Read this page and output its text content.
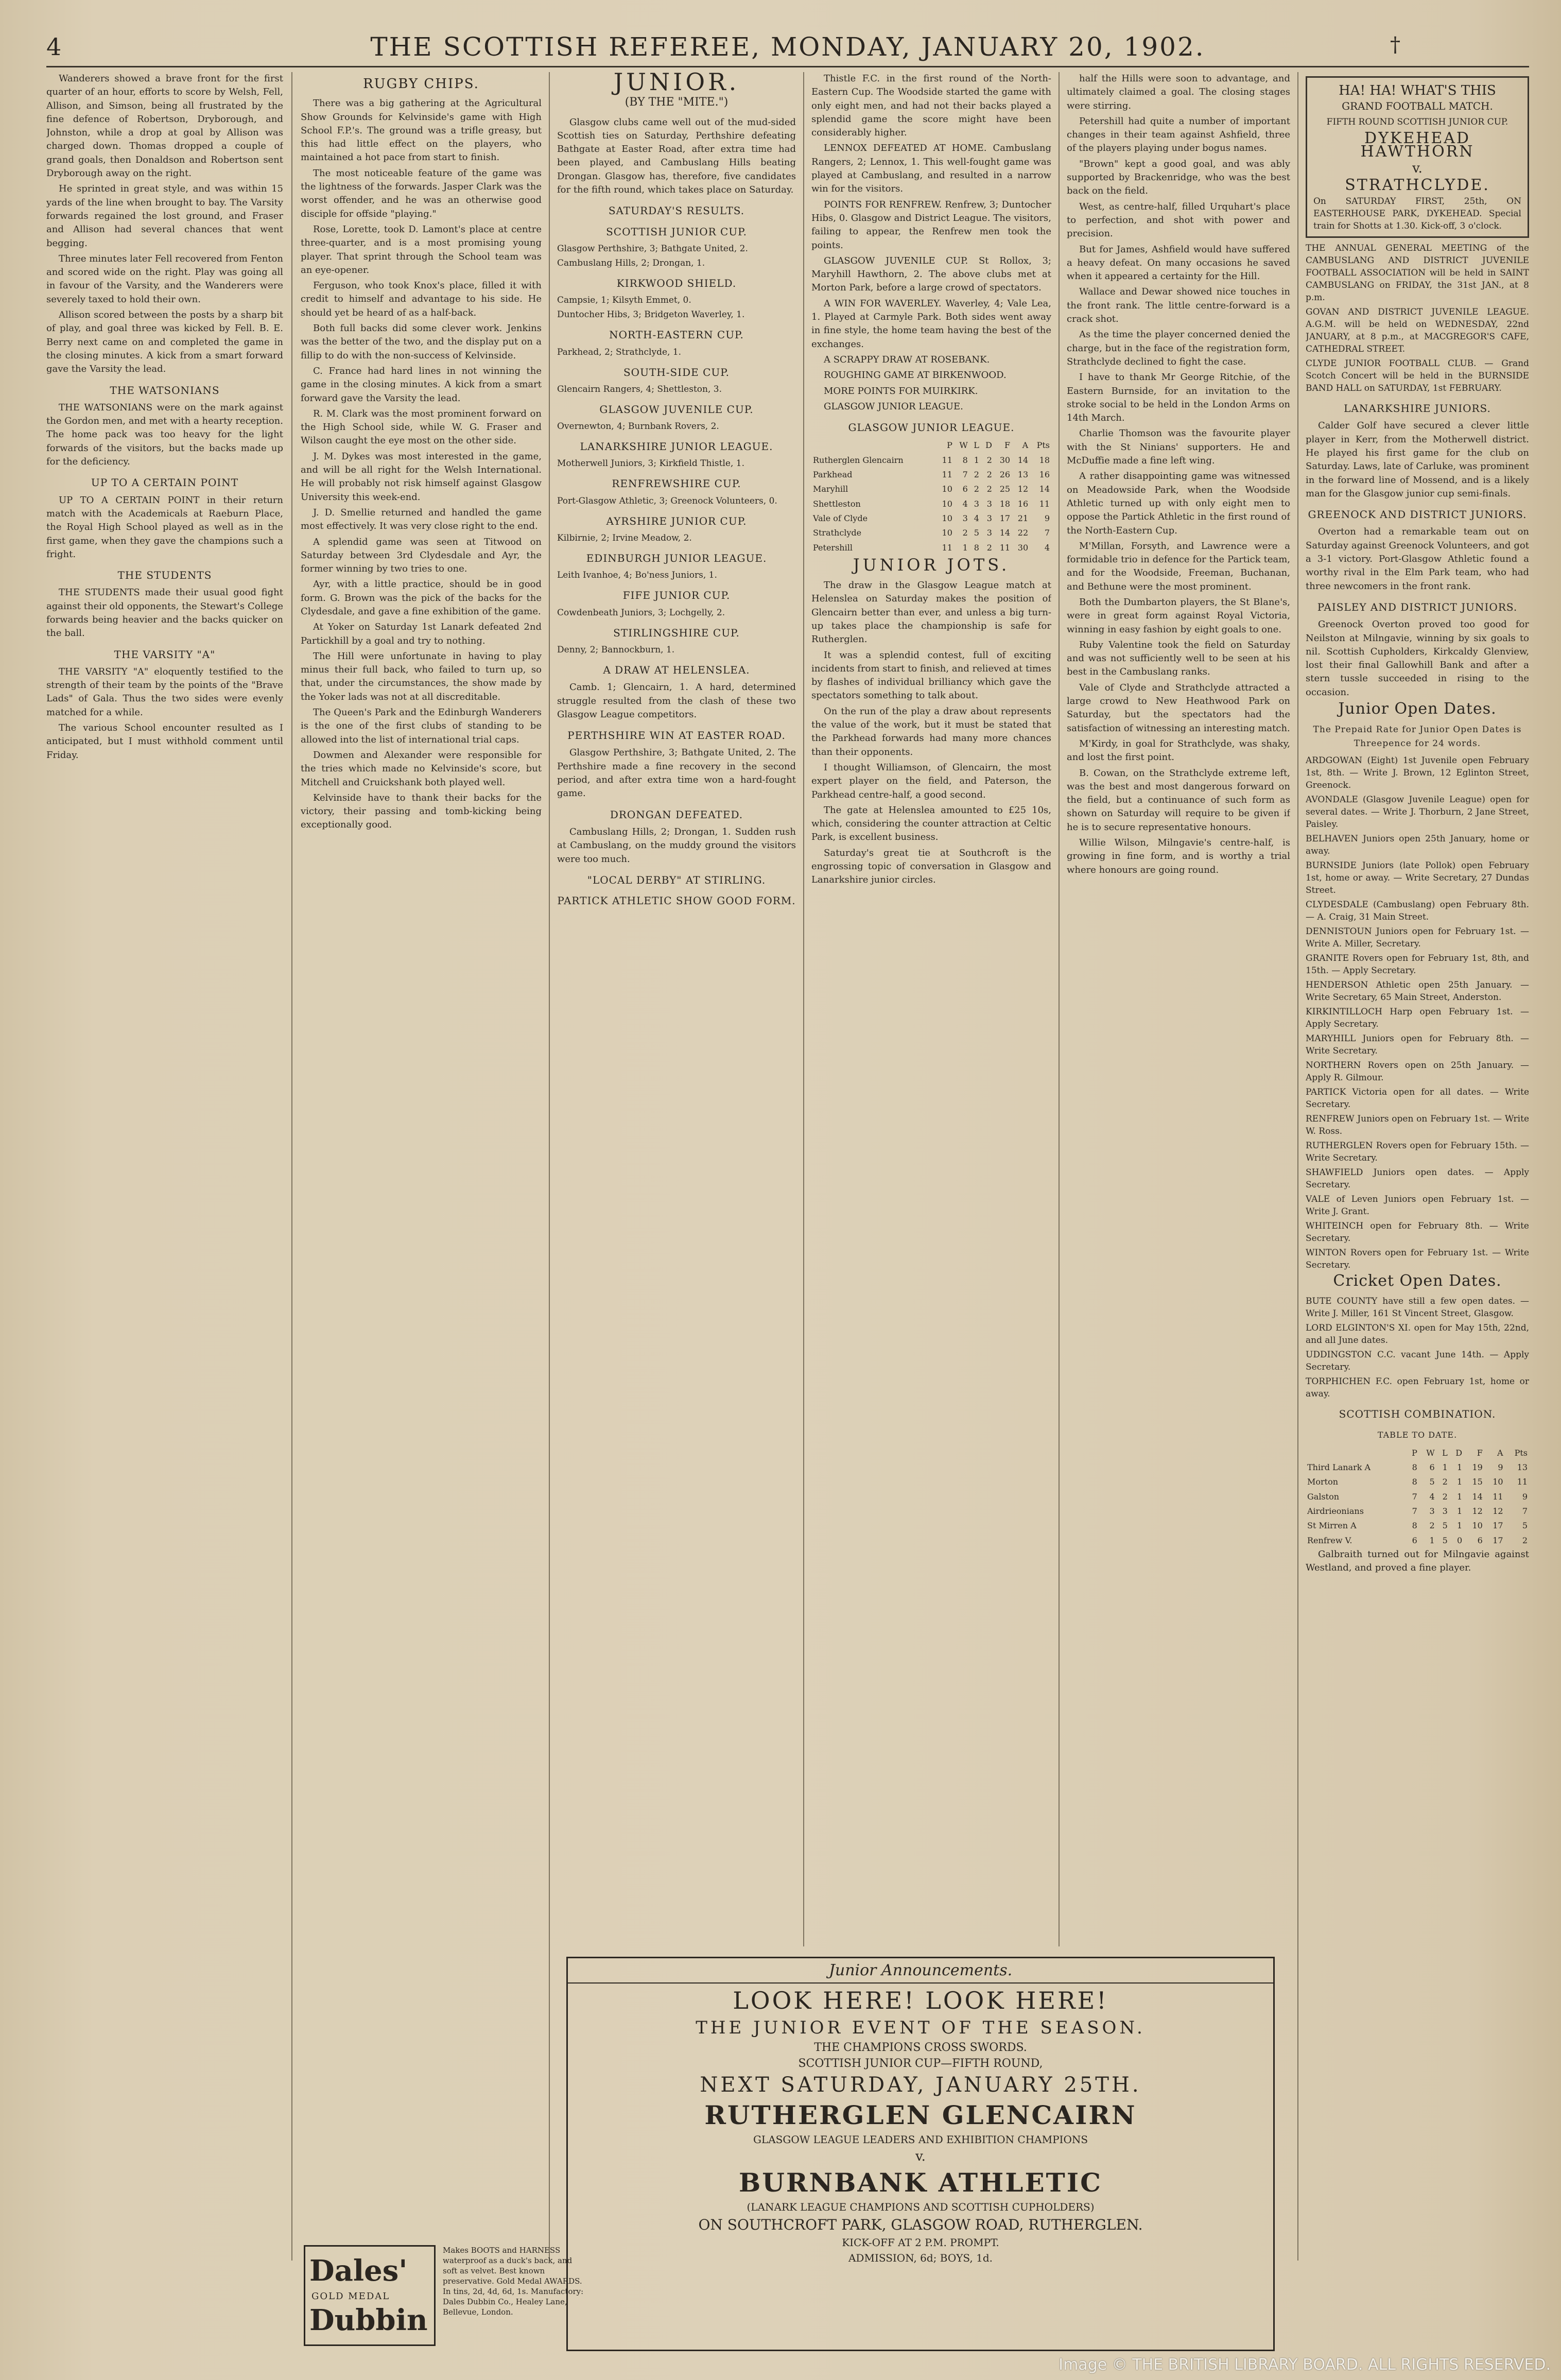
4	THE SCOTTISH REFEREE, MONDAY, JANUARY 20, 1902.	†

Wanderers showed a brave front for the first quarter of an hour, efforts to score by Welsh, Fell, Allison, and Simson, being all frustrated by the fine defence of Robertson, Dryborough, and Johnston, while a drop at goal by Allison was charged down. Thomas dropped a couple of grand goals, then Donaldson and Robertson sent Dryborough away on the right.

He sprinted in great style, and was within 15 yards of the line when brought to bay. The Varsity forwards regained the lost ground, and Fraser and Allison had several chances that went begging.

Three minutes later Fell recovered from Fenton and scored wide on the right. Play was going all in favour of the Varsity, and the Wanderers were severely taxed to hold their own.

Allison scored between the posts by a sharp bit of play, and goal three was kicked by Fell. B. E. Berry next came on and completed the game in the closing minutes. A kick from a smart forward gave the Varsity the lead.

THE WATSONIANS

THE WATSONIANS were on the mark against the Gordon men, and met with a hearty reception. The home pack was too heavy for the light forwards of the visitors, but the backs made up for the deficiency.

UP TO A CERTAIN POINT

UP TO A CERTAIN POINT in their return match with the Academicals at Raeburn Place, the Royal High School played as well as in the first game, when they gave the champions such a fright.

THE STUDENTS

THE STUDENTS made their usual good fight against their old opponents, the Stewart's College forwards being heavier and the backs quicker on the ball.

THE VARSITY "A"

THE VARSITY "A" eloquently testified to the strength of their team by the points of the "Brave Lads" of Gala. Thus the two sides were evenly matched for a while.

The various School encounter resulted as I anticipated, but I must withhold comment until Friday.

RUGBY CHIPS.

There was a big gathering at the Agricultural Show Grounds for Kelvinside's game with High School F.P.'s. The ground was a trifle greasy, but this had little effect on the players, who maintained a hot pace from start to finish.

The most noticeable feature of the game was the lightness of the forwards. Jasper Clark was the worst offender, and he was an otherwise good disciple for offside "playing."

Rose, Lorette, took D. Lamont's place at centre three-quarter, and is a most promising young player. That sprint through the School team was an eye-opener.

Ferguson, who took Knox's place, filled it with credit to himself and advantage to his side. He should yet be heard of as a half-back.

Both full backs did some clever work. Jenkins was the better of the two, and the display put on a fillip to do with the non-success of Kelvinside.

C. France had hard lines in not winning the game in the closing minutes. A kick from a smart forward gave the Varsity the lead.

R. M. Clark was the most prominent forward on the High School side, while W. G. Fraser and Wilson caught the eye most on the other side.

J. M. Dykes was most interested in the game, and will be all right for the Welsh International. He will probably not risk himself against Glasgow University this week-end.

J. D. Smellie returned and handled the game most effectively. It was very close right to the end.

A splendid game was seen at Titwood on Saturday between 3rd Clydesdale and Ayr, the former winning by two tries to one.

Ayr, with a little practice, should be in good form. G. Brown was the pick of the backs for the Clydesdale, and gave a fine exhibition of the game.

At Yoker on Saturday 1st Lanark defeated 2nd Partickhill by a goal and try to nothing.

The Hill were unfortunate in having to play minus their full back, who failed to turn up, so that, under the circumstances, the show made by the Yoker lads was not at all discreditable.

The Queen's Park and the Edinburgh Wanderers is the one of the first clubs of standing to be allowed into the list of international trial caps.

Dowmen and Alexander were responsible for the tries which made no Kelvinside's score, but Mitchell and Cruickshank both played well.

Kelvinside have to thank their backs for the victory, their passing and tomb-kicking being exceptionally good.

Dales'
GOLD MEDAL
Dubbin
Makes BOOTS and HARNESS waterproof as a duck's back, and soft as velvet. Best known preservative. Gold Medal AWARDS. In tins, 2d, 4d, 6d, 1s. Manufactory: Dales Dubbin Co., Healey Lane, Bellevue, London.
JUNIOR.
(BY THE "MITE.")

Glasgow clubs came well out of the mud-sided Scottish ties on Saturday, Perthshire defeating Bathgate at Easter Road, after extra time had been played, and Cambuslang Hills beating Drongan. Glasgow has, therefore, five candidates for the fifth round, which takes place on Saturday.

SATURDAY'S RESULTS.
SCOTTISH JUNIOR CUP.

Glasgow Perthshire, 3; Bathgate United, 2.

Cambuslang Hills, 2; Drongan, 1.

KIRKWOOD SHIELD.

Campsie, 1; Kilsyth Emmet, 0.

Duntocher Hibs, 3; Bridgeton Waverley, 1.

NORTH-EASTERN CUP.

Parkhead, 2; Strathclyde, 1.

SOUTH-SIDE CUP.

Glencairn Rangers, 4; Shettleston, 3.

GLASGOW JUVENILE CUP.

Overnewton, 4; Burnbank Rovers, 2.

LANARKSHIRE JUNIOR LEAGUE.

Motherwell Juniors, 3; Kirkfield Thistle, 1.

RENFREWSHIRE CUP.

Port-Glasgow Athletic, 3; Greenock Volunteers, 0.

AYRSHIRE JUNIOR CUP.

Kilbirnie, 2; Irvine Meadow, 2.

EDINBURGH JUNIOR LEAGUE.

Leith Ivanhoe, 4; Bo'ness Juniors, 1.

FIFE JUNIOR CUP.

Cowdenbeath Juniors, 3; Lochgelly, 2.

STIRLINGSHIRE CUP.

Denny, 2; Bannockburn, 1.

A DRAW AT HELENSLEA.

Camb. 1; Glencairn, 1. A hard, determined struggle resulted from the clash of these two Glasgow League competitors.

PERTHSHIRE WIN AT EASTER ROAD.

Glasgow Perthshire, 3; Bathgate United, 2. The Perthshire made a fine recovery in the second period, and after extra time won a hard-fought game.

DRONGAN DEFEATED.

Cambuslang Hills, 2; Drongan, 1. Sudden rush at Cambuslang, on the muddy ground the visitors were too much.

"LOCAL DERBY" AT STIRLING.
PARTICK ATHLETIC SHOW GOOD FORM.

Thistle F.C. in the first round of the North-Eastern Cup. The Woodside started the game with only eight men, and had not their backs played a splendid game the score might have been considerably higher.

LENNOX DEFEATED AT HOME. Cambuslang Rangers, 2; Lennox, 1. This well-fought game was played at Cambuslang, and resulted in a narrow win for the visitors.

POINTS FOR RENFREW. Renfrew, 3; Duntocher Hibs, 0. Glasgow and District League. The visitors, failing to appear, the Renfrew men took the points.

GLASGOW JUVENILE CUP. St Rollox, 3; Maryhill Hawthorn, 2. The above clubs met at Morton Park, before a large crowd of spectators.

A WIN FOR WAVERLEY. Waverley, 4; Vale Lea, 1. Played at Carmyle Park. Both sides went away in fine style, the home team having the best of the exchanges.

A SCRAPPY DRAW AT ROSEBANK.

ROUGHING GAME AT BIRKENWOOD.

MORE POINTS FOR MUIRKIRK.

GLASGOW JUNIOR LEAGUE.

GLASGOW JUNIOR LEAGUE.
	P	W	L	D	F	A	Pts
Rutherglen Glencairn	11	8	1	2	30	14	18
Parkhead	11	7	2	2	26	13	16
Maryhill	10	6	2	2	25	12	14
Shettleston	10	4	3	3	18	16	11
Vale of Clyde	10	3	4	3	17	21	9
Strathclyde	10	2	5	3	14	22	7
Petershill	11	1	8	2	11	30	4
JUNIOR JOTS.

The draw in the Glasgow League match at Helenslea on Saturday makes the position of Glencairn better than ever, and unless a big turn-up takes place the championship is safe for Rutherglen.

It was a splendid contest, full of exciting incidents from start to finish, and relieved at times by flashes of individual brilliancy which gave the spectators something to talk about.

On the run of the play a draw about represents the value of the work, but it must be stated that the Parkhead forwards had many more chances than their opponents.

I thought Williamson, of Glencairn, the most expert player on the field, and Paterson, the Parkhead centre-half, a good second.

The gate at Helenslea amounted to £25 10s, which, considering the counter attraction at Celtic Park, is excellent business.

Saturday's great tie at Southcroft is the engrossing topic of conversation in Glasgow and Lanarkshire junior circles.

half the Hills were soon to advantage, and ultimately claimed a goal. The closing stages were stirring.

Petershill had quite a number of important changes in their team against Ashfield, three of the players playing under bogus names.

"Brown" kept a good goal, and was ably supported by Brackenridge, who was the best back on the field.

West, as centre-half, filled Urquhart's place to perfection, and shot with power and precision.

But for James, Ashfield would have suffered a heavy defeat. On many occasions he saved when it appeared a certainty for the Hill.

Wallace and Dewar showed nice touches in the front rank. The little centre-forward is a crack shot.

As the time the player concerned denied the charge, but in the face of the registration form, Strathclyde declined to fight the case.

I have to thank Mr George Ritchie, of the Eastern Burnside, for an invitation to the stroke social to be held in the London Arms on 14th March.

Charlie Thomson was the favourite player with the St Ninians' supporters. He and McDuffie made a fine left wing.

A rather disappointing game was witnessed on Meadowside Park, when the Woodside Athletic turned up with only eight men to oppose the Partick Athletic in the first round of the North-Eastern Cup.

M'Millan, Forsyth, and Lawrence were a formidable trio in defence for the Partick team, and for the Woodside, Freeman, Buchanan, and Bethune were the most prominent.

Both the Dumbarton players, the St Blane's, were in great form against Royal Victoria, winning in easy fashion by eight goals to one.

Ruby Valentine took the field on Saturday and was not sufficiently well to be seen at his best in the Cambuslang ranks.

Vale of Clyde and Strathclyde attracted a large crowd to New Heathwood Park on Saturday, but the spectators had the satisfaction of witnessing an interesting match.

M'Kirdy, in goal for Strathclyde, was shaky, and lost the first point.

B. Cowan, on the Strathclyde extreme left, was the best and most dangerous forward on the field, but a continuance of such form as shown on Saturday will require to be given if he is to secure representative honours.

Willie Wilson, Milngavie's centre-half, is growing in fine form, and is worthy a trial where honours are going round.

HA! HA! WHAT'S THIS
GRAND FOOTBALL MATCH.
FIFTH ROUND SCOTTISH JUNIOR CUP.
DYKEHEAD HAWTHORN
v.
STRATHCLYDE.
On SATURDAY FIRST, 25th, ON EASTERHOUSE PARK, DYKEHEAD. Special train for Shotts at 1.30. Kick-off, 3 o'clock.

THE ANNUAL GENERAL MEETING of the CAMBUSLANG AND DISTRICT JUVENILE FOOTBALL ASSOCIATION will be held in SAINT CAMBUSLANG on FRIDAY, the 31st JAN., at 8 p.m.

GOVAN AND DISTRICT JUVENILE LEAGUE. A.G.M. will be held on WEDNESDAY, 22nd JANUARY, at 8 p.m., at MACGREGOR'S CAFE, CATHEDRAL STREET.

CLYDE JUNIOR FOOTBALL CLUB. — Grand Scotch Concert will be held in the BURNSIDE BAND HALL on SATURDAY, 1st FEBRUARY.

LANARKSHIRE JUNIORS.

Calder Golf have secured a clever little player in Kerr, from the Motherwell district. He played his first game for the club on Saturday. Laws, late of Carluke, was prominent in the forward line of Mossend, and is a likely man for the Glasgow junior cup semi-finals.

GREENOCK AND DISTRICT JUNIORS.

Overton had a remarkable team out on Saturday against Greenock Volunteers, and got a 3-1 victory. Port-Glasgow Athletic found a worthy rival in the Elm Park team, who had three newcomers in the front rank.

PAISLEY AND DISTRICT JUNIORS.

Greenock Overton proved too good for Neilston at Milngavie, winning by six goals to nil. Scottish Cupholders, Kirkcaldy Glenview, lost their final Gallowhill Bank and after a stern tussle succeeded in rising to the occasion.

Junior Open Dates.
The Prepaid Rate for Junior Open Dates is Threepence for 24 words.

ARDGOWAN (Eight) 1st Juvenile open February 1st, 8th. — Write J. Brown, 12 Eglinton Street, Greenock.

AVONDALE (Glasgow Juvenile League) open for several dates. — Write J. Thorburn, 2 Jane Street, Paisley.

BELHAVEN Juniors open 25th January, home or away.

BURNSIDE Juniors (late Pollok) open February 1st, home or away. — Write Secretary, 27 Dundas Street.

CLYDESDALE (Cambuslang) open February 8th. — A. Craig, 31 Main Street.

DENNISTOUN Juniors open for February 1st. — Write A. Miller, Secretary.

GRANITE Rovers open for February 1st, 8th, and 15th. — Apply Secretary.

HENDERSON Athletic open 25th January. — Write Secretary, 65 Main Street, Anderston.

KIRKINTILLOCH Harp open February 1st. — Apply Secretary.

MARYHILL Juniors open for February 8th. — Write Secretary.

NORTHERN Rovers open on 25th January. — Apply R. Gilmour.

PARTICK Victoria open for all dates. — Write Secretary.

RENFREW Juniors open on February 1st. — Write W. Ross.

RUTHERGLEN Rovers open for February 15th. — Write Secretary.

SHAWFIELD Juniors open dates. — Apply Secretary.

VALE of Leven Juniors open February 1st. — Write J. Grant.

WHITEINCH open for February 8th. — Write Secretary.

WINTON Rovers open for February 1st. — Write Secretary.

Cricket Open Dates.

BUTE COUNTY have still a few open dates. — Write J. Miller, 161 St Vincent Street, Glasgow.

LORD ELGINTON'S XI. open for May 15th, 22nd, and all June dates.

UDDINGSTON C.C. vacant June 14th. — Apply Secretary.

TORPHICHEN F.C. open February 1st, home or away.

SCOTTISH COMBINATION.
TABLE TO DATE.
	P	W	L	D	F	A	Pts
Third Lanark A	8	6	1	1	19	9	13
Morton	8	5	2	1	15	10	11
Galston	7	4	2	1	14	11	9
Airdrieonians	7	3	3	1	12	12	7
St Mirren A	8	2	5	1	10	17	5
Renfrew V.	6	1	5	0	6	17	2

Galbraith turned out for Milngavie against Westland, and proved a fine player.

Junior Announcements.
LOOK HERE! LOOK HERE!
THE JUNIOR EVENT OF THE SEASON.
THE CHAMPIONS CROSS SWORDS.
SCOTTISH JUNIOR CUP—FIFTH ROUND,
NEXT SATURDAY, JANUARY 25TH.
RUTHERGLEN GLENCAIRN
GLASGOW LEAGUE LEADERS AND EXHIBITION CHAMPIONS
v.
BURNBANK ATHLETIC
(LANARK LEAGUE CHAMPIONS AND SCOTTISH CUPHOLDERS)
ON SOUTHCROFT PARK, GLASGOW ROAD, RUTHERGLEN.
KICK-OFF AT 2 P.M. PROMPT.
ADMISSION, 6d; BOYS, 1d.
Image © THE BRITISH LIBRARY BOARD. ALL RIGHTS RESERVED.
